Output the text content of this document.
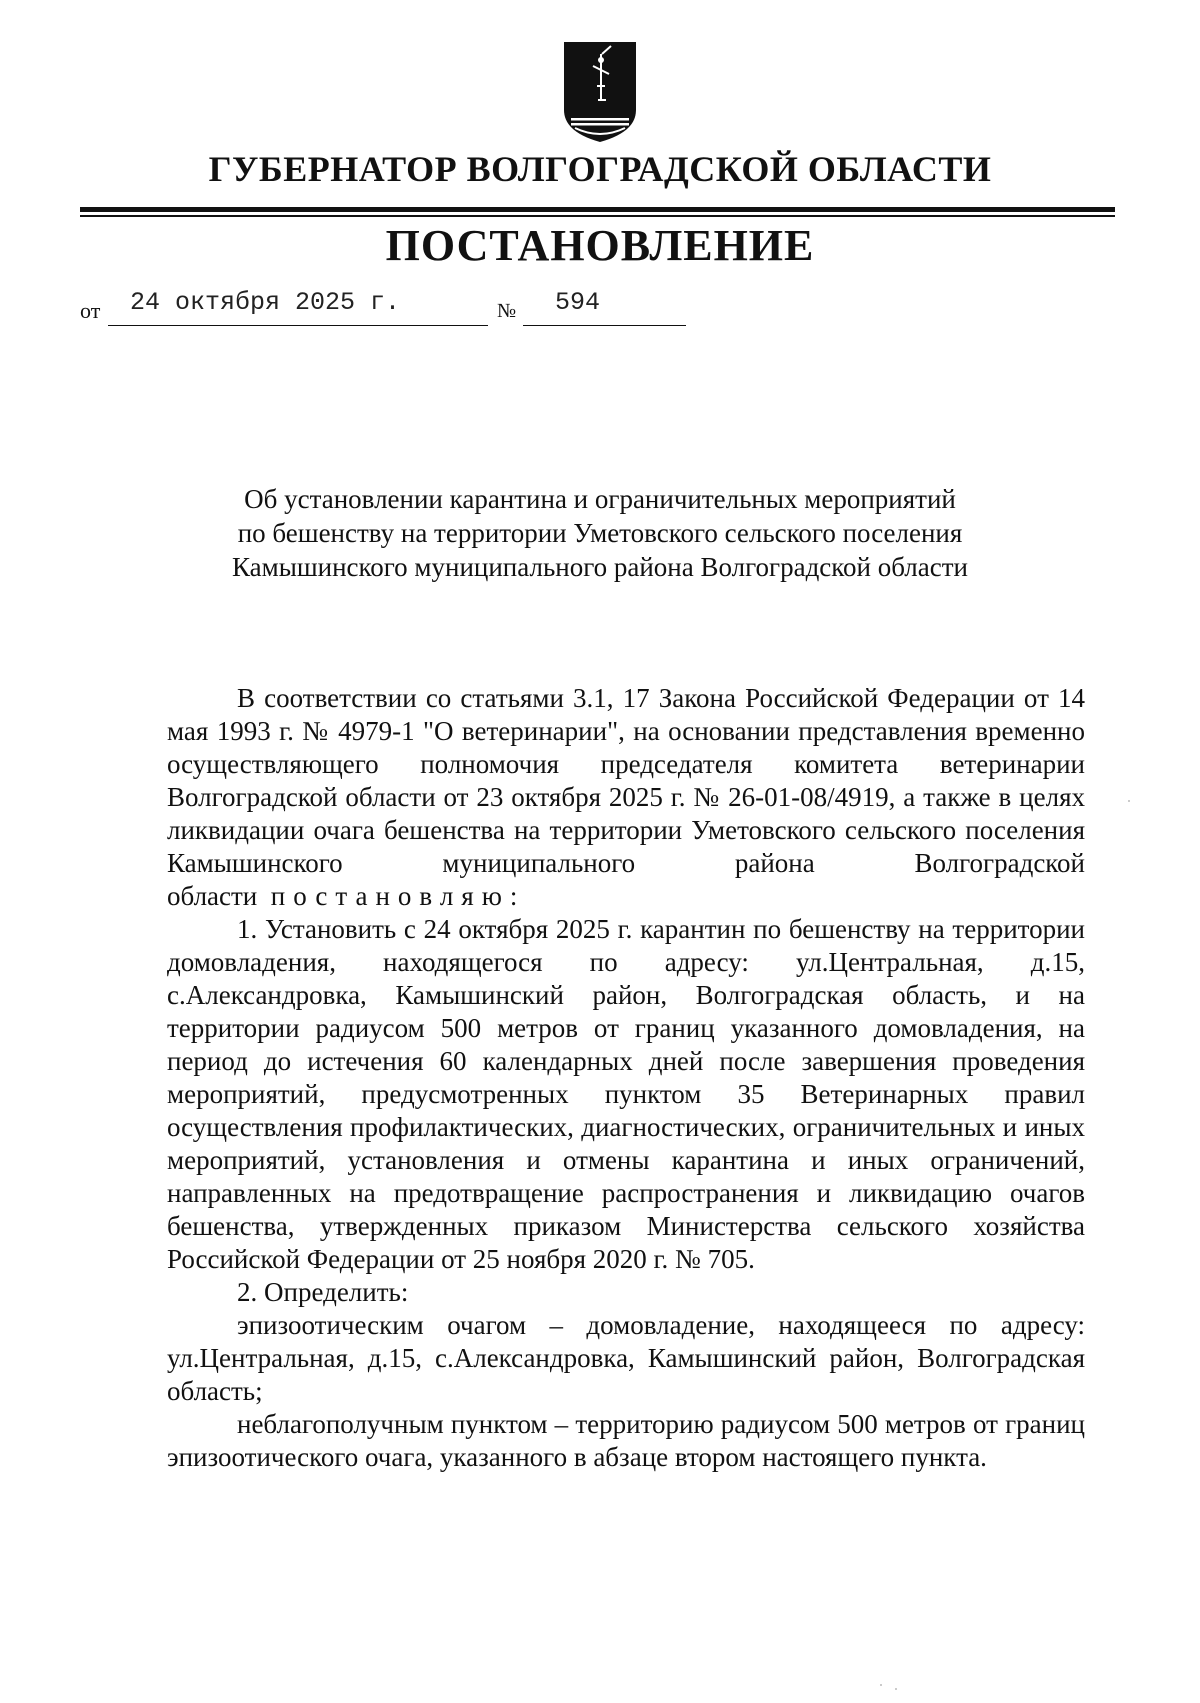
ГУБЕРНАТОР ВОЛГОГРАДСКОЙ ОБЛАСТИ
ПОСТАНОВЛЕНИЕ
от 24 октября 2025 г.	№ 594
Об установлении карантина и ограничительных мероприятий
по бешенству на территории Уметовского сельского поселения
Камышинского муниципального района Волгоградской области

В соответствии со статьями 3.1, 17 Закона Российской Федерации от 14 мая 1993 г. № 4979-1 "О ветеринарии", на основании представления временно осуществляющего полномочия председателя комитета ветеринарии Волгоградской области от 23 октября 2025 г. № 26-01-08/4919, а также в целях ликвидации очага бешенства на территории Уметовского сельского поселения Камышинского муниципального района Волгоградской области постановляю:

1. Установить с 24 октября 2025 г. карантин по бешенству на территории домовладения, находящегося по адресу: ул.Центральная, д.15, с.Александровка, Камышинский район, Волгоградская область, и на территории радиусом 500 метров от границ указанного домовладения, на период до истечения 60 календарных дней после завершения проведения мероприятий, предусмотренных пунктом 35 Ветеринарных правил осуществления профилактических, диагностических, ограничительных и иных мероприятий, установления и отмены карантина и иных ограничений, направленных на предотвращение распространения и ликвидацию очагов бешенства, утвержденных приказом Министерства сельского хозяйства Российской Федерации от 25 ноября 2020 г. № 705.

2. Определить:

эпизоотическим очагом – домовладение, находящееся по адресу: ул.Центральная, д.15, с.Александровка, Камышинский район, Волгоградская область;

неблагополучным пунктом – территорию радиусом 500 метров от границ эпизоотического очага, указанного в абзаце втором настоящего пункта.
